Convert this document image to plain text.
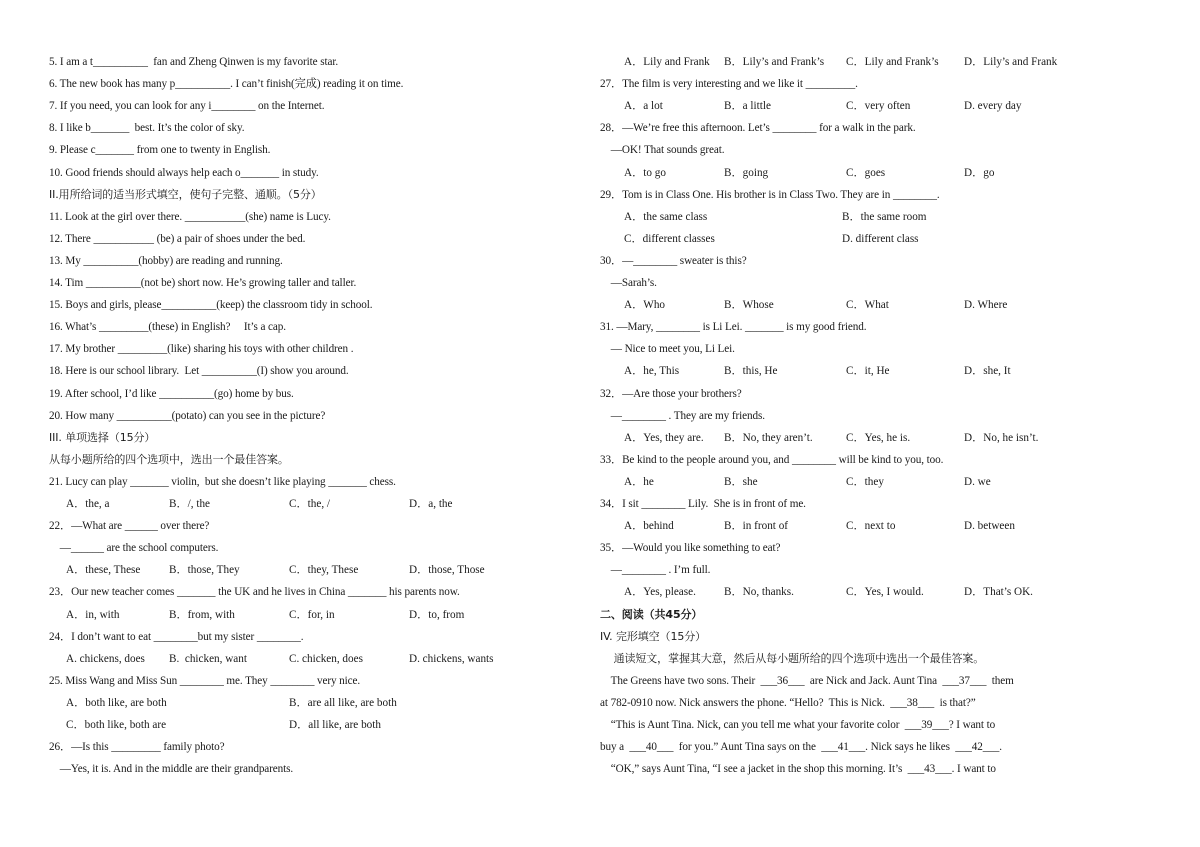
5. I am a t__________  fan and Zheng Qinwen is my favorite star.
6. The new book has many p__________. I can’t finish(完成) reading it on time.
7. If you need, you can look for any i________ on the Internet.
8. I like b_______  best. It’s the color of sky.
9. Please c_______ from one to twenty in English.
10. Good friends should always help each o_______ in study.
II.用所给词的适当形式填空，使句子完整、通顺。（5分）
11. Look at the girl over there. ___________(she) name is Lucy.
12. There ___________ (be) a pair of shoes under the bed.
13. My __________(hobby) are reading and running.
14. Tim __________(not be) short now. He’s growing taller and taller.
15. Boys and girls, please__________(keep) the classroom tidy in school.
16. What’s _________(these) in English?     It’s a cap.
17. My brother _________(like) sharing his toys with other children .
18. Here is our school library.  Let __________(I) show you around.
19. After school, I’d like __________(go) home by bus.
20. How many __________(potato) can you see in the picture?
III. 单项选择（15分）
从每小题所给的四个选项中，选出一个最佳答案。
21. Lucy can play _______ violin,  but she doesn’t like playing _______ chess.
A．the, a	B．/, the	C．the, /	D．a, the
22．—What are ______ over there?
—______ are the school computers.
A．these, These	B．those, They	C．they, These	D．those, Those
23．Our new teacher comes _______ the UK and he lives in China _______ his parents now.
A．in, with	B．from, with	C．for, in	D．to, from
24．I don’t want to eat ________but my sister ________.
A. chickens, does B.  chicken, want	C. chicken, does	D. chickens, wants
25. Miss Wang and Miss Sun ________ me. They ________ very nice.
A．both like, are both	B．are all like, are both
C．both like, both are	D．all like, are both
26．—Is this _________ family photo?
—Yes, it is. And in the middle are their grandparents.
A．Lily and Frank B．Lily’s and Frank’s C．Lily and Frank’s D．Lily’s and Frank
27．The film is very interesting and we like it _________.
A．a lot	B．a little	C．very often	D. every day
28．—We’re free this afternoon. Let’s ________ for a walk in the park.
—OK! That sounds great.
A．to go	B．going	C．goes	D．go
29．Tom is in Class One. His brother is in Class Two. They are in ________.
A．the same class	B．the same room
C．different classes	D. different class
30．—________ sweater is this?
—Sarah’s.
A．Who	B．Whose	C．What	D. Where
31. —Mary, ________ is Li Lei. _______ is my good friend.
— Nice to meet you, Li Lei.
A．he, This	B．this, He	C．it, He	D．she, It
32．—Are those your brothers?
—________ . They are my friends.
A．Yes, they are. B．No, they aren’t.	C．Yes, he is.	D．No, he isn’t.
33．Be kind to the people around you, and ________ will be kind to you, too.
A．he	B．she	C．they	D. we
34．I sit ________ Lily.  She is in front of me.
A．behind	B．in front of	C．next to	D. between
35．—Would you like something to eat?
—________ . I’m full.
A．Yes, please.	B．No, thanks.	C．Yes, I would.	D．That’s OK.
二、阅读（共45分）
IV. 完形填空（15分）
通读短文，掌握其大意，然后从每小题所给的四个选项中选出一个最佳答案。
The Greens have two sons. Their  ___36___  are Nick and Jack. Aunt Tina  ___37___  them
at 782-0910 now. Nick answers the phone. “Hello?  This is Nick.  ___38___  is that?”
“This is Aunt Tina. Nick, can you tell me what your favorite color  ___39___? I want to
buy a  ___40___  for you.” Aunt Tina says on the  ___41___. Nick says he likes  ___42___.
“OK,” says Aunt Tina, “I see a jacket in the shop this morning. It’s  ___43___. I want to
